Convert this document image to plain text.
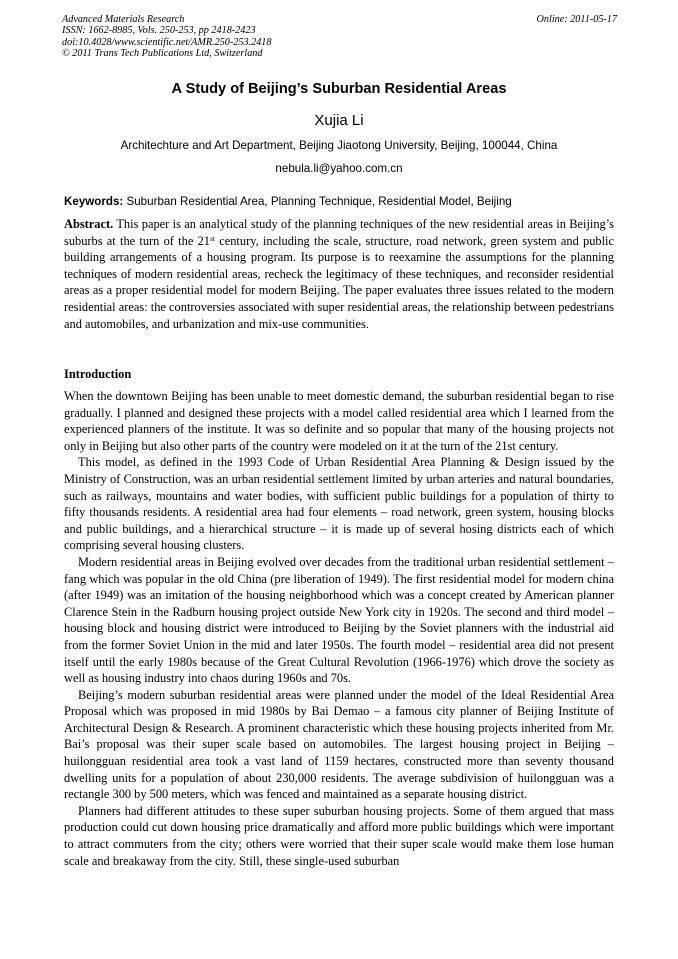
Advanced Materials Research
ISSN: 1662-8985, Vols. 250-253, pp 2418-2423
doi:10.4028/www.scientific.net/AMR.250-253.2418
© 2011 Trans Tech Publications Ltd, Switzerland
Online: 2011-05-17
A Study of Beijing’s Suburban Residential Areas
Xujia Li
Architechture and Art Department, Beijing Jiaotong University, Beijing, 100044, China
nebula.li@yahoo.com.cn
Keywords: Suburban Residential Area, Planning Technique, Residential Model, Beijing

Abstract. This paper is an analytical study of the planning techniques of the new residential areas in Beijing’s suburbs at the turn of the 21st century, including the scale, structure, road network, green system and public building arrangements of a housing program. Its purpose is to reexamine the assumptions for the planning techniques of modern residential areas, recheck the legitimacy of these techniques, and reconsider residential areas as a proper residential model for modern Beijing. The paper evaluates three issues related to the modern residential areas: the controversies associated with super residential areas, the relationship between pedestrians and automobiles, and urbanization and mix-use communities.

Introduction

When the downtown Beijing has been unable to meet domestic demand, the suburban residential began to rise gradually. I planned and designed these projects with a model called residential area which I learned from the experienced planners of the institute. It was so definite and so popular that many of the housing projects not only in Beijing but also other parts of the country were modeled on it at the turn of the 21st century.

This model, as defined in the 1993 Code of Urban Residential Area Planning & Design issued by the Ministry of Construction, was an urban residential settlement limited by urban arteries and natural boundaries, such as railways, mountains and water bodies, with sufficient public buildings for a population of thirty to fifty thousands residents. A residential area had four elements – road network, green system, housing blocks and public buildings, and a hierarchical structure – it is made up of several hosing districts each of which comprising several housing clusters.

Modern residential areas in Beijing evolved over decades from the traditional urban residential settlement – fang which was popular in the old China (pre liberation of 1949). The first residential model for modern china (after 1949) was an imitation of the housing neighborhood which was a concept created by American planner Clarence Stein in the Radburn housing project outside New York city in 1920s. The second and third model – housing block and housing district were introduced to Beijing by the Soviet planners with the industrial aid from the former Soviet Union in the mid and later 1950s. The fourth model – residential area did not present itself until the early 1980s because of the Great Cultural Revolution (1966-1976) which drove the society as well as housing industry into chaos during 1960s and 70s.

Beijing’s modern suburban residential areas were planned under the model of the Ideal Residential Area Proposal which was proposed in mid 1980s by Bai Demao – a famous city planner of Beijing Institute of Architectural Design & Research. A prominent characteristic which these housing projects inherited from Mr. Bai’s proposal was their super scale based on automobiles. The largest housing project in Beijing – huilongguan residential area took a vast land of 1159 hectares, constructed more than seventy thousand dwelling units for a population of about 230,000 residents. The average subdivision of huilongguan was a rectangle 300 by 500 meters, which was fenced and maintained as a separate housing district.

Planners had different attitudes to these super suburban housing projects. Some of them argued that mass production could cut down housing price dramatically and afford more public buildings which were important to attract commuters from the city; others were worried that their super scale would make them lose human scale and breakaway from the city. Still, these single-used suburban
